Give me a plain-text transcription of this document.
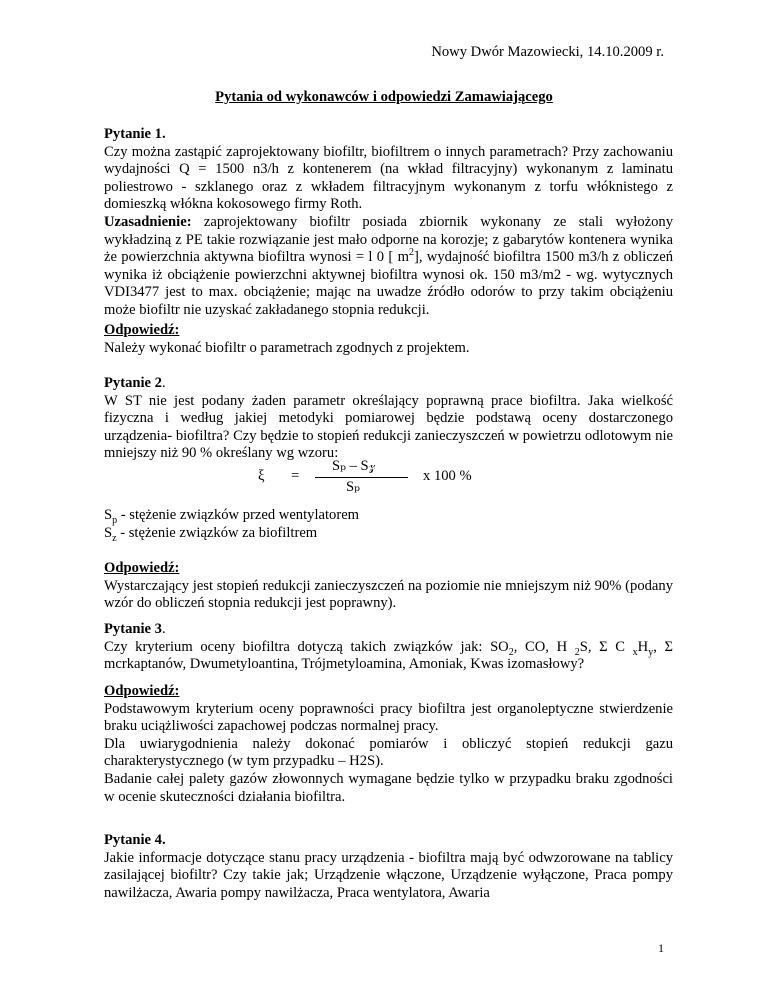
Nowy Dwór Mazowiecki, 14.10.2009 r.
Pytania od wykonawców i odpowiedzi Zamawiającego
Pytanie 1.
Czy można zastąpić zaprojektowany biofiltr, biofiltrem o innych parametrach? Przy zachowaniu wydajności Q = 1500 n3/h z kontenerem (na wkład filtracyjny) wykonanym z laminatu poliestrowo - szklanego oraz z wkładem filtracyjnym wykonanym z torfu włóknistego z domieszką włókna kokosowego firmy Roth.
Uzasadnienie: zaprojektowany biofiltr posiada zbiornik wykonany ze stali wyłożony wykładziną z PE takie rozwiązanie jest mało odporne na korozje; z gabarytów kontenera wynika że powierzchnia aktywna biofiltra wynosi = l 0 [ $m^2$], wydajność biofiltra 1500 m3/h z obliczeń wynika iż obciążenie powierzchni aktywnej biofiltra wynosi ok. 150 m3/m2 - wg. wytycznych VDI3477 jest to max. obciążenie; mając na uwadze źródło odorów to przy takim obciążeniu może biofiltr nie uzyskać zakładanego stopnia redukcji.
Odpowiedź:
Należy wykonać biofiltr o parametrach zgodnych z projektem.
Pytanie 2.
W ST nie jest podany żaden parametr określający poprawną prace biofiltra. Jaka wielkość fizyczna i według jakiej metodyki pomiarowej będzie podstawą oceny dostarczonego urządzenia- biofiltra? Czy będzie to stopień redukcji zanieczyszczeń w powietrzu odlotowym nie mniejszy niż 90 % określany wg wzoru:
ξ =
Sₚ – S𝓏
Sₚ
x 100 %
$S_p$ - stężenie związków przed wentylatorem
$S_z$ - stężenie związków za biofiltrem
Odpowiedź:
Wystarczający jest stopień redukcji zanieczyszczeń na poziomie nie mniejszym niż 90% (podany wzór do obliczeń stopnia redukcji jest poprawny).
Pytanie 3.
Czy kryterium oceny biofiltra dotyczą takich związków jak: $SO_2$, CO, H $_2$S, Σ C $_xH_y$, Σ mcrkaptanów, Dwumetyloantina, Trójmetyloamina, Amoniak, Kwas izomasłowy?
Odpowiedź:
Podstawowym kryterium oceny poprawności pracy biofiltra jest organoleptyczne stwierdzenie braku uciążliwości zapachowej podczas normalnej pracy.
Dla uwiarygodnienia należy dokonać pomiarów i obliczyć stopień redukcji gazu charakterystycznego (w tym przypadku – H2S).
Badanie całej palety gazów złowonnych wymagane będzie tylko w przypadku braku zgodności w ocenie skuteczności działania biofiltra.
Pytanie 4.
Jakie informacje dotyczące stanu pracy urządzenia - biofiltra mają być odwzorowane na tablicy zasilającej biofiltr? Czy takie jak; Urządzenie włączone, Urządzenie wyłączone, Praca pompy nawilżacza, Awaria pompy nawilżacza, Praca wentylatora, Awaria
1
